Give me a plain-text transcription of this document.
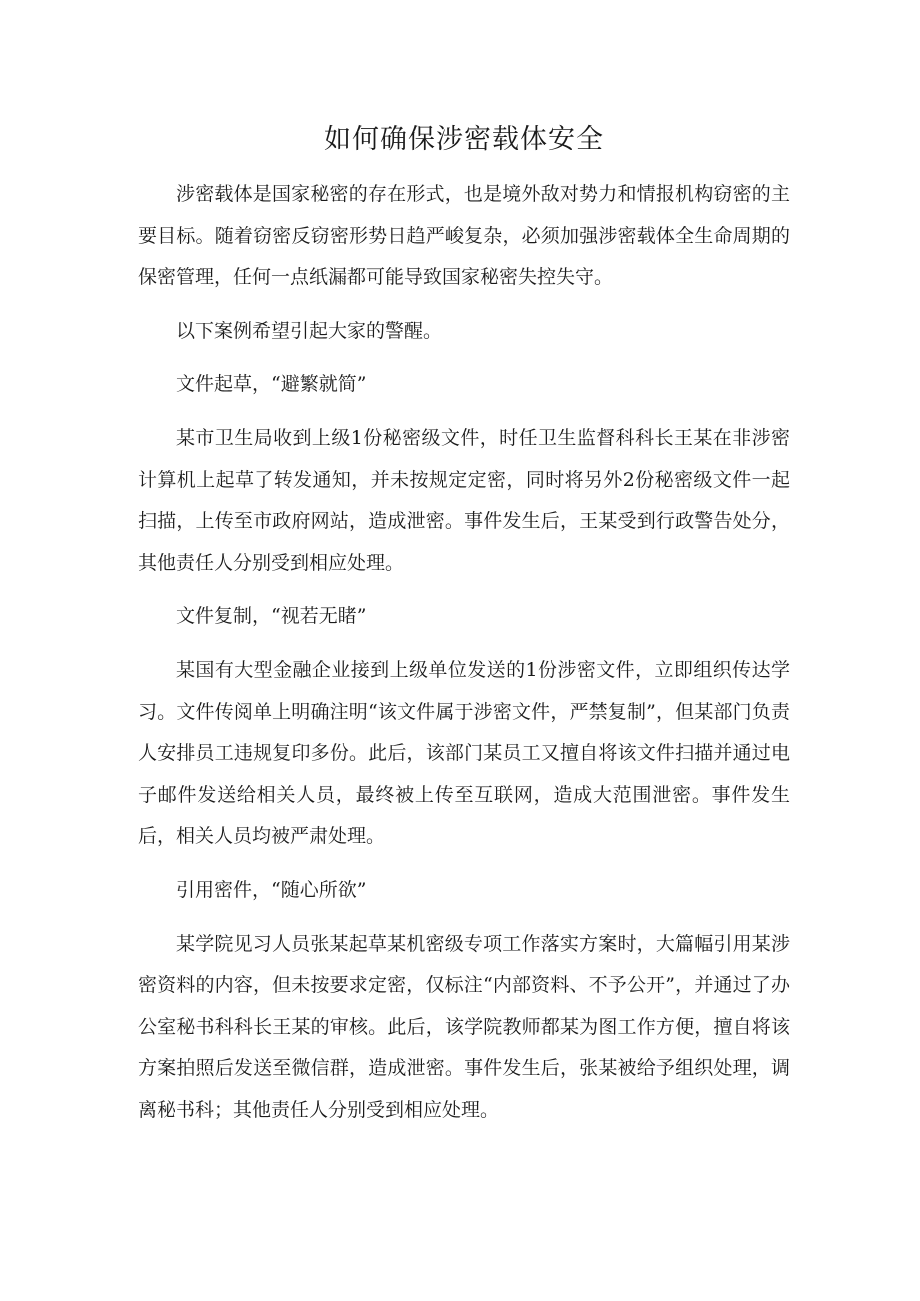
如何确保涉密载体安全

涉密载体是国家秘密的存在形式，也是境外敌对势力和情报机构窃密的主要目标。随着窃密反窃密形势日趋严峻复杂，必须加强涉密载体全生命周期的保密管理，任何一点纸漏都可能导致国家秘密失控失守。

以下案例希望引起大家的警醒。

文件起草，“避繁就简”

某市卫生局收到上级1份秘密级文件，时任卫生监督科科长王某在非涉密计算机上起草了转发通知，并未按规定定密，同时将另外2份秘密级文件一起扫描，上传至市政府网站，造成泄密。事件发生后，王某受到行政警告处分，其他责任人分别受到相应处理。

文件复制，“视若无睹”

某国有大型金融企业接到上级单位发送的1份涉密文件，立即组织传达学习。文件传阅单上明确注明“该文件属于涉密文件，严禁复制”，但某部门负责人安排员工违规复印多份。此后，该部门某员工又擅自将该文件扫描并通过电子邮件发送给相关人员，最终被上传至互联网，造成大范围泄密。事件发生后，相关人员均被严肃处理。

引用密件，“随心所欲”

某学院见习人员张某起草某机密级专项工作落实方案时，大篇幅引用某涉密资料的内容，但未按要求定密，仅标注“内部资料、不予公开”，并通过了办公室秘书科科长王某的审核。此后，该学院教师都某为图工作方便，擅自将该方案拍照后发送至微信群，造成泄密。事件发生后，张某被给予组织处理，调离秘书科；其他责任人分别受到相应处理。
